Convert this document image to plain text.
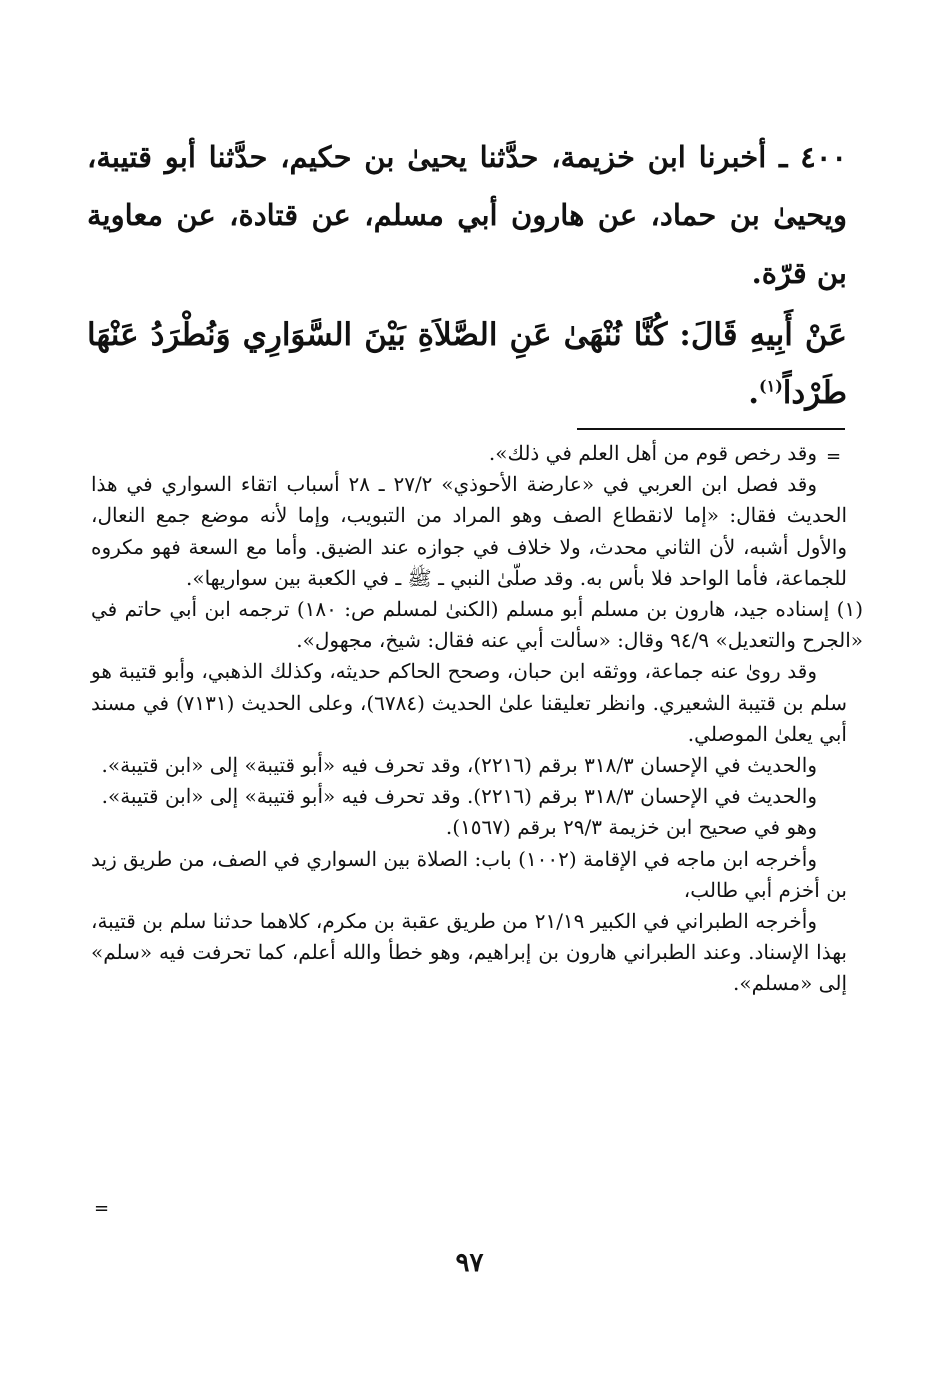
٤٠٠ ـ أخبرنا ابن خزيمة، حدَّثنا يحيىٰ بن حكيم، حدَّثنا أبو قتيبة، ويحيىٰ بن حماد، عن هارون أبي مسلم، عن قتادة، عن معاوية بن قرّة.

عَنْ أَبِيهِ قَالَ: كُنَّا نُنْهَىٰ عَنِ الصَّلاَةِ بَيْنَ السَّوَارِي وَنُطْرَدُ عَنْهَا طَرْداً$^{(١)}$.

=

وقد رخص قوم من أهل العلم في ذلك».

وقد فصل ابن العربي في «عارضة الأحوذي» ٢٧/٢ ـ ٢٨ أسباب اتقاء السواري في هذا الحديث فقال: «إما لانقطاع الصف وهو المراد من التبويب، وإما لأنه موضع جمع النعال، والأول أشبه، لأن الثاني محدث، ولا خلاف في جوازه عند الضيق. وأما مع السعة فهو مكروه للجماعة، فأما الواحد فلا بأس به. وقد صلّىٰ النبي ـ ﷺ ـ في الكعبة بين سواريها».

(١) إسناده جيد، هارون بن مسلم أبو مسلم (الكنىٰ لمسلم ص: ١٨٠) ترجمه ابن أبي حاتم في «الجرح والتعديل» ٩٤/٩ وقال: «سألت أبي عنه فقال: شيخ، مجهول».

وقد روىٰ عنه جماعة، ووثقه ابن حبان، وصحح الحاكم حديثه، وكذلك الذهبي، وأبو قتيبة هو سلم بن قتيبة الشعيري. وانظر تعليقنا علىٰ الحديث (٦٧٨٤)، وعلى الحديث (٧١٣١) في مسند أبي يعلىٰ الموصلي.

والحديث في الإحسان ٣١٨/٣ برقم (٢٢١٦)، وقد تحرف فيه «أبو قتيبة» إلى «ابن قتيبة».

والحديث في الإحسان ٣١٨/٣ برقم (٢٢١٦). وقد تحرف فيه «أبو قتيبة» إلى «ابن قتيبة».

وهو في صحيح ابن خزيمة ٢٩/٣ برقم (١٥٦٧).

وأخرجه ابن ماجه في الإقامة (١٠٠٢) باب: الصلاة بين السواري في الصف، من طريق زيد بن أخزم أبي طالب،

وأخرجه الطبراني في الكبير ٢١/١٩ من طريق عقبة بن مكرم، كلاهما حدثنا سلم بن قتيبة، بهذا الإسناد. وعند الطبراني هارون بن إبراهيم، وهو خطأ والله أعلم، كما تحرفت فيه «سلم» إلى «مسلم».

=
٩٧
